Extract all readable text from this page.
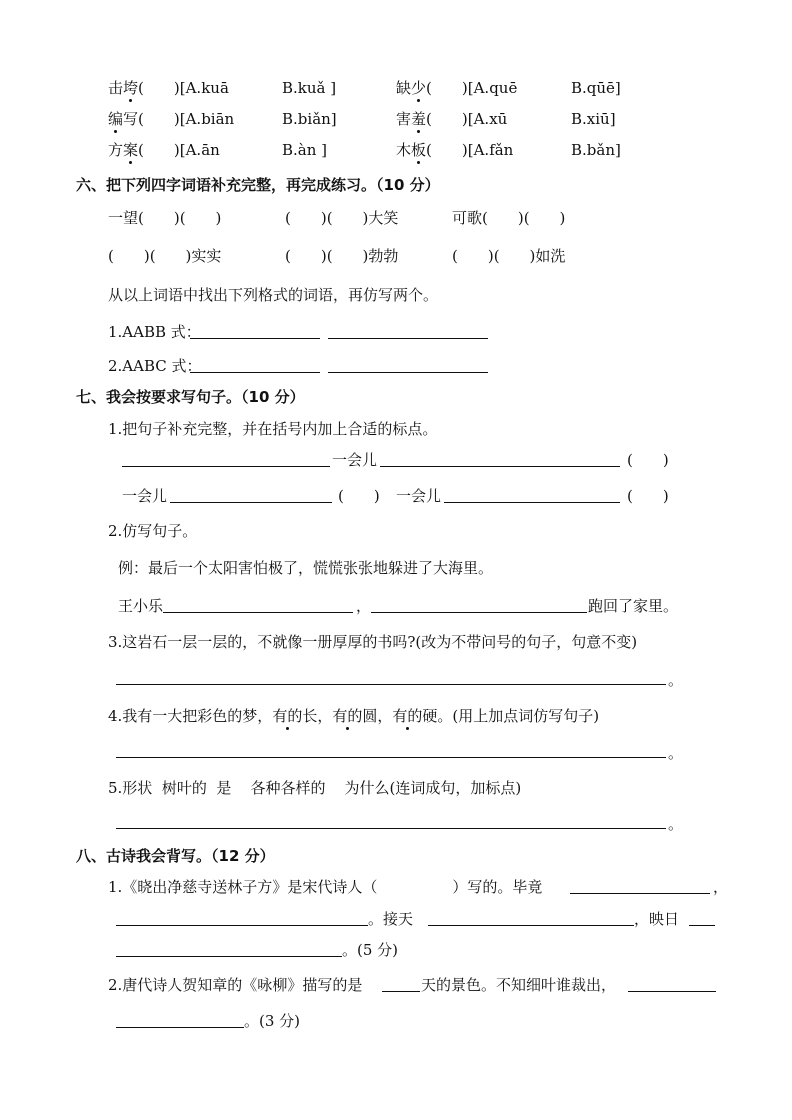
击垮(　　)[A.kuā	B.kuǎ ]	缺少(　　)[A.quē	B.qūē]
编写(　　)[A.biān	B.biǎn]	害羞(　　)[A.xū	B.xiū]
方案(　　)[A.ān	B.àn ]	木板(　　)[A.fǎn	B.bǎn]
六、把下列四字词语补充完整，再完成练习。（10 分）
一望(　　)(　　)	(　　)(　　)大笑	可歌(　　)(　　)
(　　)(　　)实实	(　　)(　　)勃勃	(　　)(　　)如洗
从以上词语中找出下列格式的词语，再仿写两个。
1.AABB 式：
2.AABC 式：
七、我会按要求写句子。（10 分）
1.把句子补充完整，并在括号内加上合适的标点。
一会儿	(　　)
一会儿	(　　) 一会儿	(　　)
2.仿写句子。
例：最后一个太阳害怕极了，慌慌张张地躲进了大海里。
王小乐	，	跑回了家里。
3.这岩石一层一层的，不就像一册厚厚的书吗?(改为不带问号的句子，句意不变)
。
4.我有一大把彩色的梦，有的长，有的圆，有的硬。(用上加点词仿写句子)
。
5.形状  树叶的  是    各种各样的    为什么(连词成句，加标点)
。
八、古诗我会背写。（12 分）
1.《晓出净慈寺送林子方》是宋代诗人（　　　　　）写的。毕竟	，
。接天	，映日
。(5 分)
2.唐代诗人贺知章的《咏柳》描写的是	天的景色。不知细叶谁裁出，
。(3 分)
